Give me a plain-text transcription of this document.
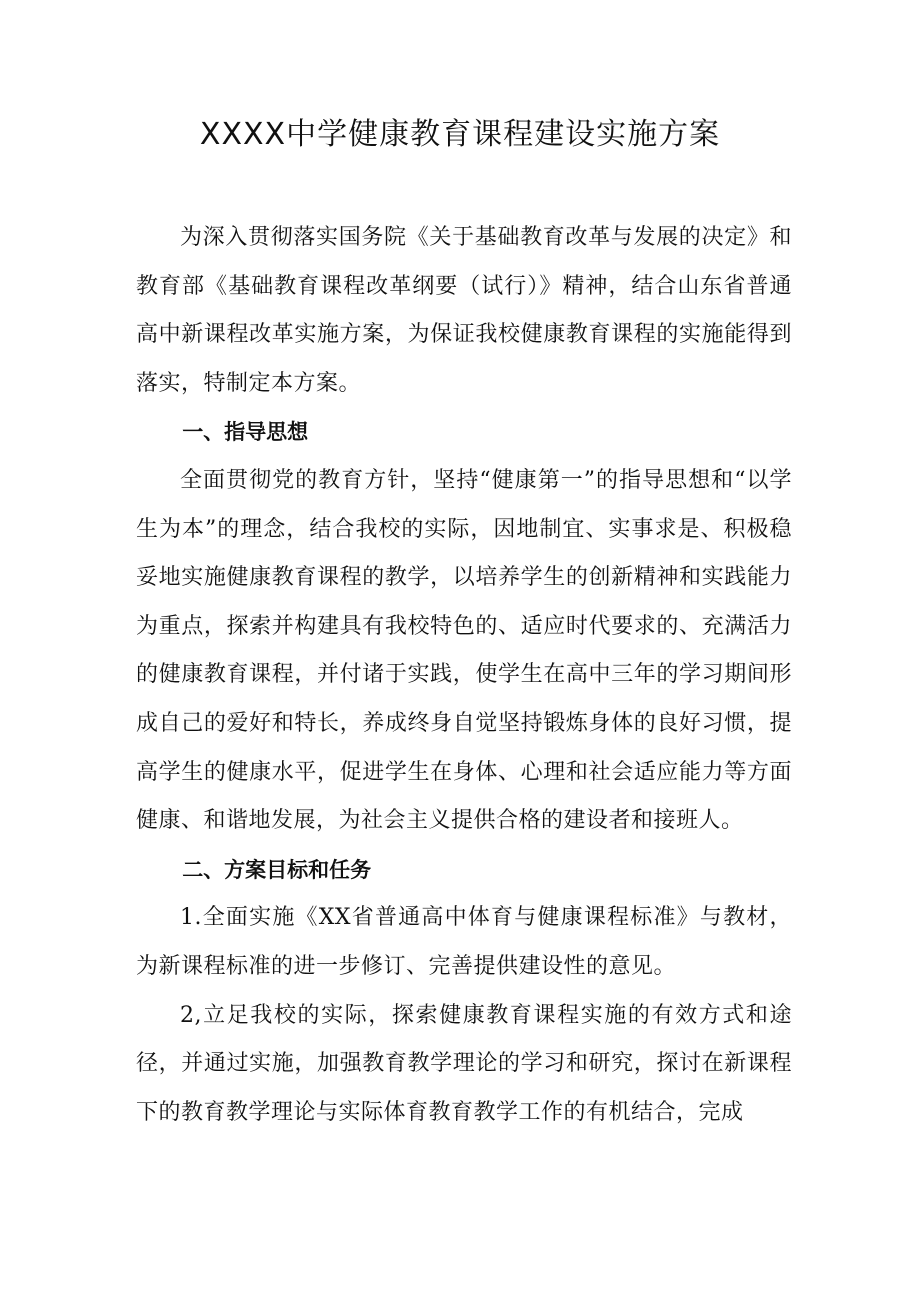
XXXX中学健康教育课程建设实施方案

为深入贯彻落实国务院《关于基础教育改革与发展的决定》和教育部《基础教育课程改革纲要（试行）》精神，结合山东省普通高中新课程改革实施方案，为保证我校健康教育课程的实施能得到落实，特制定本方案。

一、指导思想

全面贯彻党的教育方针，坚持“健康第一”的指导思想和“以学生为本”的理念，结合我校的实际，因地制宜、实事求是、积极稳妥地实施健康教育课程的教学，以培养学生的创新精神和实践能力为重点，探索并构建具有我校特色的、适应时代要求的、充满活力的健康教育课程，并付诸于实践，使学生在高中三年的学习期间形成自己的爱好和特长，养成终身自觉坚持锻炼身体的良好习惯，提高学生的健康水平，促进学生在身体、心理和社会适应能力等方面健康、和谐地发展，为社会主义提供合格的建设者和接班人。

二、方案目标和任务

1.全面实施《XX省普通高中体育与健康课程标准》与教材，为新课程标准的进一步修订、完善提供建设性的意见。

2,立足我校的实际，探索健康教育课程实施的有效方式和途径，并通过实施，加强教育教学理论的学习和研究，探讨在新课程下的教育教学理论与实际体育教育教学工作的有机结合，完成
